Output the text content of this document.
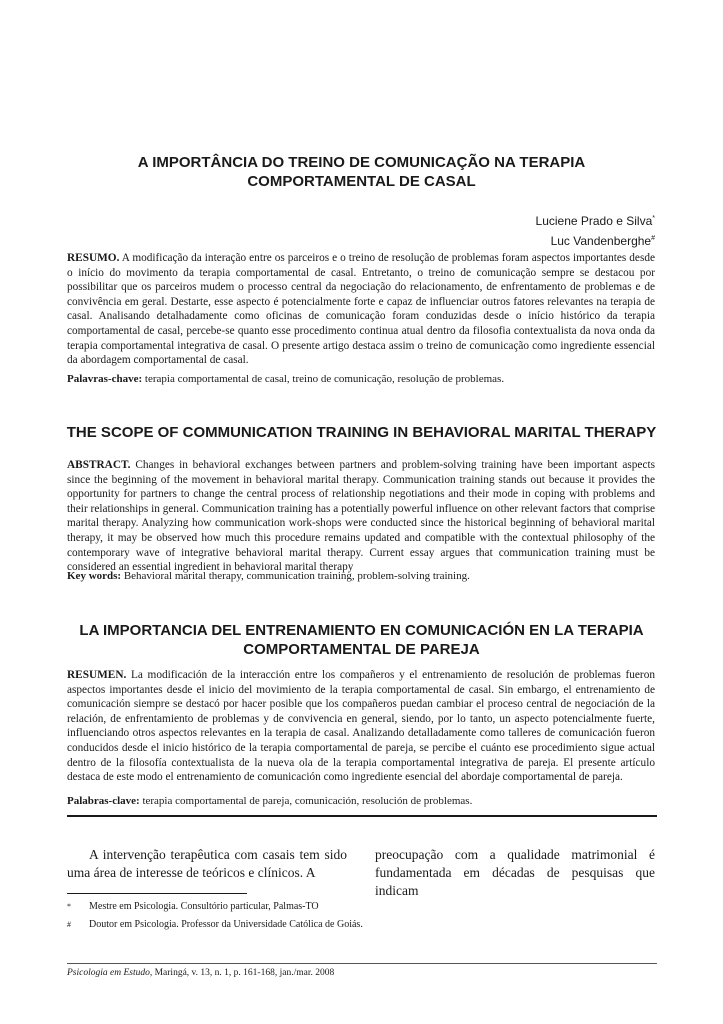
A IMPORTÂNCIA DO TREINO DE COMUNICAÇÃO NA TERAPIA
COMPORTAMENTAL DE CASAL
Luciene Prado e Silva*
Luc Vandenberghe#
RESUMO. A modificação da interação entre os parceiros e o treino de resolução de problemas foram aspectos importantes desde o início do movimento da terapia comportamental de casal. Entretanto, o treino de comunicação sempre se destacou por possibilitar que os parceiros mudem o processo central da negociação do relacionamento, de enfrentamento de problemas e de convivência em geral. Destarte, esse aspecto é potencialmente forte e capaz de influenciar outros fatores relevantes na terapia de casal. Analisando detalhadamente como oficinas de comunicação foram conduzidas desde o início histórico da terapia comportamental de casal, percebe-se quanto esse procedimento continua atual dentro da filosofia contextualista da nova onda da terapia comportamental integrativa de casal. O presente artigo destaca assim o treino de comunicação como ingrediente essencial da abordagem comportamental de casal.
Palavras-chave: terapia comportamental de casal, treino de comunicação, resolução de problemas.
THE SCOPE OF COMMUNICATION TRAINING IN BEHAVIORAL MARITAL THERAPY
ABSTRACT. Changes in behavioral exchanges between partners and problem-solving training have been important aspects since the beginning of the movement in behavioral marital therapy. Communication training stands out because it provides the opportunity for partners to change the central process of relationship negotiations and their mode in coping with problems and their relationships in general. Communication training has a potentially powerful influence on other relevant factors that comprise marital therapy. Analyzing how communication work-shops were conducted since the historical beginning of behavioral marital therapy, it may be observed how much this procedure remains updated and compatible with the contextual philosophy of the contemporary wave of integrative behavioral marital therapy. Current essay argues that communication training must be considered an essential ingredient in behavioral marital therapy
Key words: Behavioral marital therapy, communication training, problem-solving training.
LA IMPORTANCIA DEL ENTRENAMIENTO EN COMUNICACIÓN EN LA TERAPIA
COMPORTAMENTAL DE PAREJA
RESUMEN. La modificación de la interacción entre los compañeros y el entrenamiento de resolución de problemas fueron aspectos importantes desde el inicio del movimiento de la terapia comportamental de casal. Sin embargo, el entrenamiento de comunicación siempre se destacó por hacer posible que los compañeros puedan cambiar el proceso central de negociación de la relación, de enfrentamiento de problemas y de convivencia en general, siendo, por lo tanto, un aspecto potencialmente fuerte, influenciando otros aspectos relevantes en la terapia de casal. Analizando detalladamente como talleres de comunicación fueron conducidos desde el inicio histórico de la terapia comportamental de pareja, se percibe el cuánto ese procedimiento sigue actual dentro de la filosofía contextualista de la nueva ola de la terapia comportamental integrativa de pareja. El presente artículo destaca de este modo el entrenamiento de comunicación como ingrediente esencial del abordaje comportamental de pareja.
Palabras-clave: terapia comportamental de pareja, comunicación, resolución de problemas.
A intervenção terapêutica com casais tem sido uma área de interesse de teóricos e clínicos. A
preocupação com a qualidade matrimonial é fundamentada em décadas de pesquisas que indicam
* Mestre em Psicologia. Consultório particular, Palmas-TO
# Doutor em Psicologia. Professor da Universidade Católica de Goiás.
Psicologia em Estudo, Maringá, v. 13, n. 1, p. 161-168, jan./mar. 2008
